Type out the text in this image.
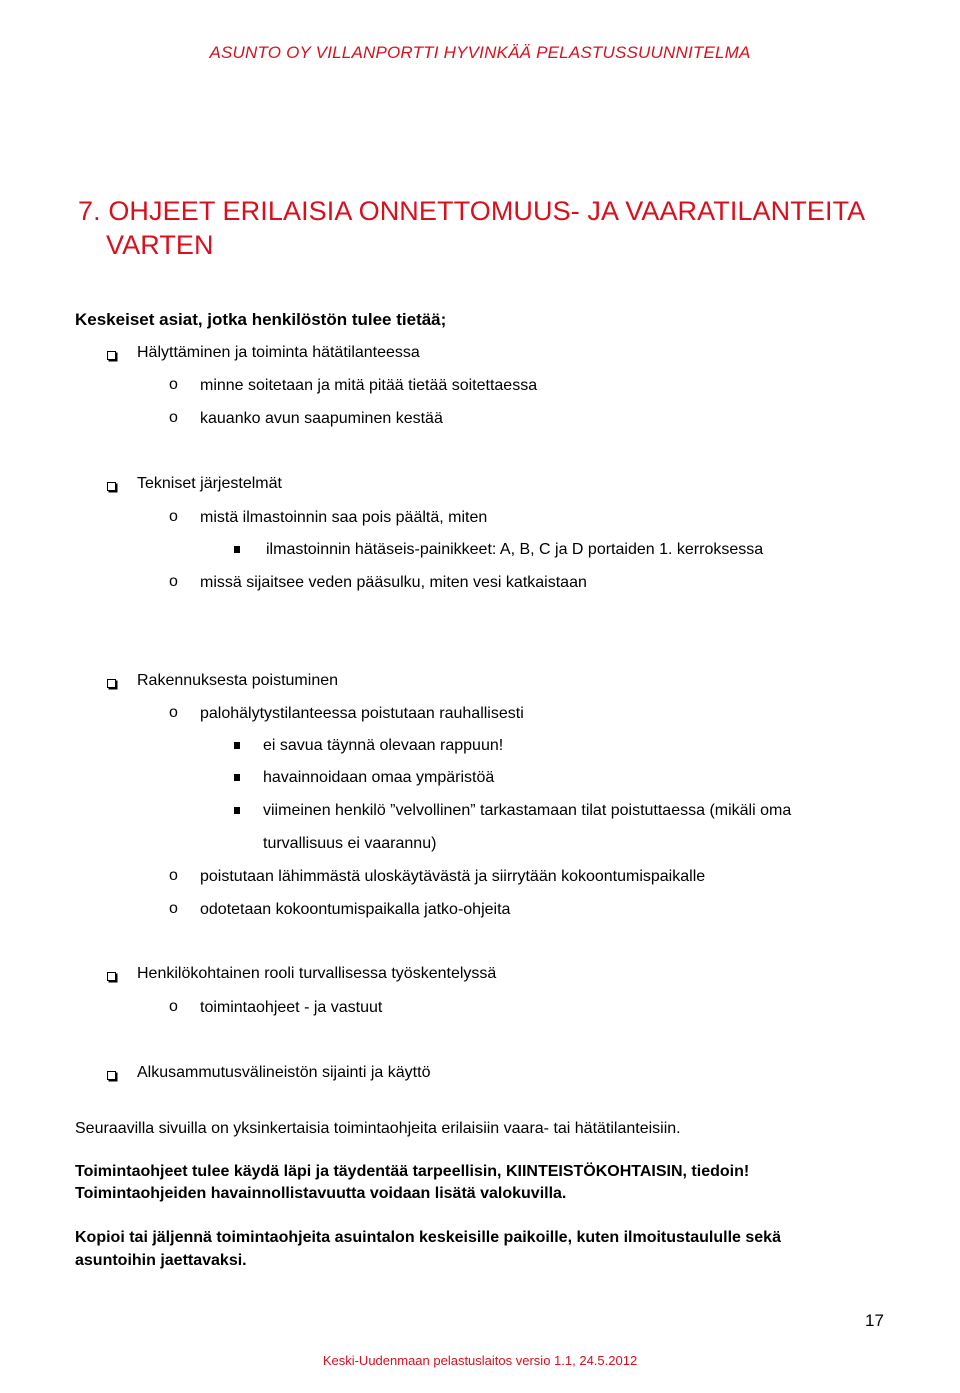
ASUNTO OY VILLANPORTTI HYVINKÄÄ PELASTUSSUUNNITELMA
7. OHJEET ERILAISIA ONNETTOMUUS- JA VAARATILANTEITA
VARTEN
Keskeiset asiat, jotka henkilöstön tulee tietää;
Hälyttäminen ja toiminta hätätilanteessa
o minne soitetaan ja mitä pitää tietää soitettaessa
o kauanko avun saapuminen kestää
Tekniset järjestelmät
o mistä ilmastoinnin saa pois päältä, miten
ilmastoinnin hätäseis-painikkeet: A, B, C ja D portaiden 1. kerroksessa
o missä sijaitsee veden pääsulku, miten vesi katkaistaan
Rakennuksesta poistuminen
o palohälytystilanteessa poistutaan rauhallisesti
ei savua täynnä olevaan rappuun!
havainnoidaan omaa ympäristöä
viimeinen henkilö ”velvollinen” tarkastamaan tilat poistuttaessa (mikäli oma
turvallisuus ei vaarannu)
o poistutaan lähimmästä uloskäytävästä ja siirrytään kokoontumispaikalle
o odotetaan kokoontumispaikalla jatko-ohjeita
Henkilökohtainen rooli turvallisessa työskentelyssä
o toimintaohjeet - ja vastuut
Alkusammutusvälineistön sijainti ja käyttö
Seuraavilla sivuilla on yksinkertaisia toimintaohjeita erilaisiin vaara- tai hätätilanteisiin.
Toimintaohjeet tulee käydä läpi ja täydentää tarpeellisin, KIINTEISTÖKOHTAISIN, tiedoin!
Toimintaohjeiden havainnollistavuutta voidaan lisätä valokuvilla.
Kopioi tai jäljennä toimintaohjeita asuintalon keskeisille paikoille, kuten ilmoitustaululle sekä
asuntoihin jaettavaksi.
17
Keski-Uudenmaan pelastuslaitos versio 1.1, 24.5.2012
